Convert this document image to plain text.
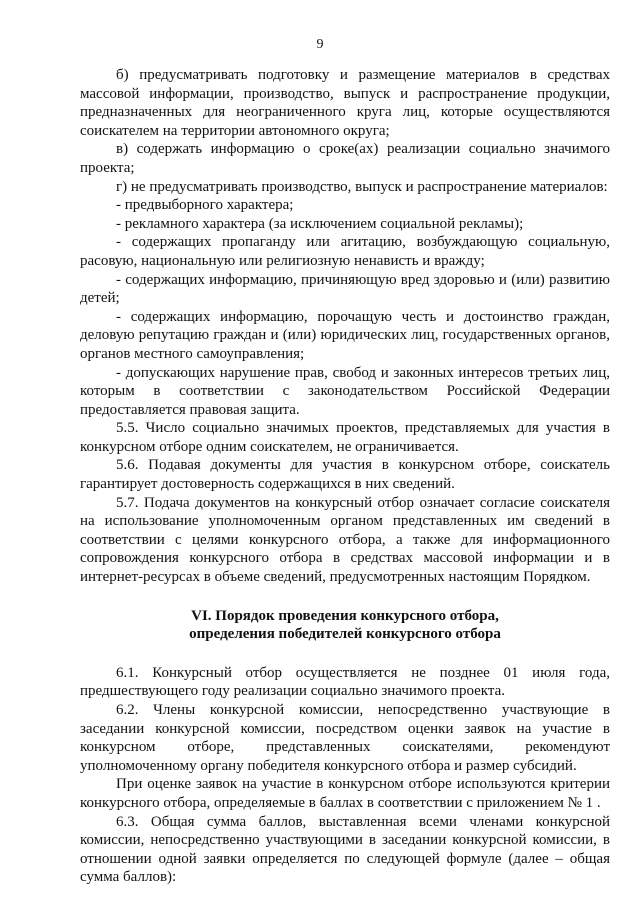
9

б) предусматривать подготовку и размещение материалов в средствах массовой информации, производство, выпуск и распространение продукции, предназначенных для неограниченного круга лиц, которые осуществляются соискателем на территории автономного округа;

в) содержать информацию о сроке(ах) реализации социально значимого проекта;

г) не предусматривать производство, выпуск и распространение материалов:

- предвыборного характера;

- рекламного характера (за исключением социальной рекламы);

- содержащих пропаганду или агитацию, возбуждающую социальную, расовую, национальную или религиозную ненависть и вражду;

- содержащих информацию, причиняющую вред здоровью и (или) развитию детей;

- содержащих информацию, порочащую честь и достоинство граждан, деловую репутацию граждан и (или) юридических лиц, государственных органов, органов местного самоуправления;

- допускающих нарушение прав, свобод и законных интересов третьих лиц, которым в соответствии с законодательством Российской Федерации предоставляется правовая защита.

5.5. Число социально значимых проектов, представляемых для участия в конкурсном отборе одним соискателем, не ограничивается.

5.6. Подавая документы для участия в конкурсном отборе, соискатель гарантирует достоверность содержащихся в них сведений.

5.7. Подача документов на конкурсный отбор означает согласие соискателя на использование уполномоченным органом представленных им сведений в соответствии с целями конкурсного отбора, а также для информационного сопровождения конкурсного отбора в средствах массовой информации и в интернет-ресурсах в объеме сведений, предусмотренных настоящим Порядком.

VI. Порядок проведения конкурсного отбора,

определения победителей конкурсного отбора

6.1. Конкурсный отбор осуществляется не позднее 01 июля года, предшествующего году реализации социально значимого проекта.

6.2. Члены конкурсной комиссии, непосредственно участвующие в заседании конкурсной комиссии, посредством оценки заявок на участие в конкурсном отборе, представленных соискателями, рекомендуют уполномоченному органу победителя конкурсного отбора и размер субсидий.

При оценке заявок на участие в конкурсном отборе используются критерии конкурсного отбора, определяемые в баллах в соответствии с приложением № 1 .

6.3. Общая сумма баллов, выставленная всеми членами конкурсной комиссии, непосредственно участвующими в заседании конкурсной комиссии, в отношении одной заявки определяется по следующей формуле (далее – общая сумма баллов):
